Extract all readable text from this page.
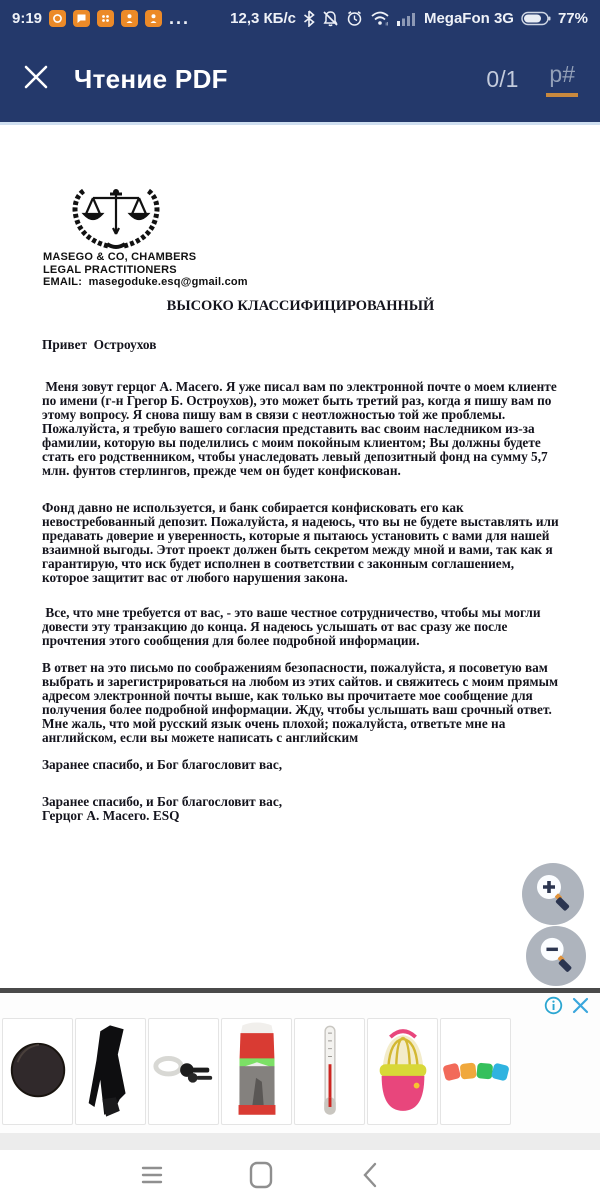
9:19	...	12,3 КБ/с	il MegaFon 3G	77%
Чтение PDF	0/1 p#
MASEGO & CO, CHAMBERS
LEGAL PRACTITIONERS
EMAIL:  masegoduke.esq@gmail.com
ВЫСОКО КЛАССИФИЦИРОВАННЫЙ
Привет  Остроухов
Меня зовут герцог А. Масего. Я уже писал вам по электронной почте о моем клиенте по имени (г-н Грегор Б. Остроухов), это может быть третий раз, когда я пишу вам по этому вопросу. Я снова пишу вам в связи с неотложностью той же проблемы. Пожалуйста, я требую вашего согласия представить вас своим наследником из-за фамилии, которую вы поделились с моим покойным клиентом; Вы должны будете стать его родственником, чтобы унаследовать левый депозитный фонд на сумму 5,7 млн. фунтов стерлингов, прежде чем он будет конфискован.
Фонд давно не используется, и банк собирается конфисковать его как невостребованный депозит. Пожалуйста, я надеюсь, что вы не будете выставлять или предавать доверие и уверенность, которые я пытаюсь установить с вами для нашей взаимной выгоды. Этот проект должен быть секретом между мной и вами, так как я гарантирую, что иск будет исполнен в соответствии с законным соглашением, которое защитит вас от любого нарушения закона.
Все, что мне требуется от вас, - это ваше честное сотрудничество, чтобы мы могли довести эту транзакцию до конца. Я надеюсь услышать от вас сразу же после прочтения этого сообщения для более подробной информации.
В ответ на это письмо по соображениям безопасности, пожалуйста, я посоветую вам выбрать и зарегистрироваться на любом из этих сайтов. и свяжитесь с моим прямым адресом электронной почты выше, как только вы прочитаете мое сообщение для получения более подробной информации. Жду, чтобы услышать ваш срочный ответ. Мне жаль, что мой русский язык очень плохой; пожалуйста, ответьте мне на английском, если вы можете написать с английским
Заранее спасибо, и Бог благословит вас,
Заранее спасибо, и Бог благословит вас,
Герцог А. Масего. ESQ
